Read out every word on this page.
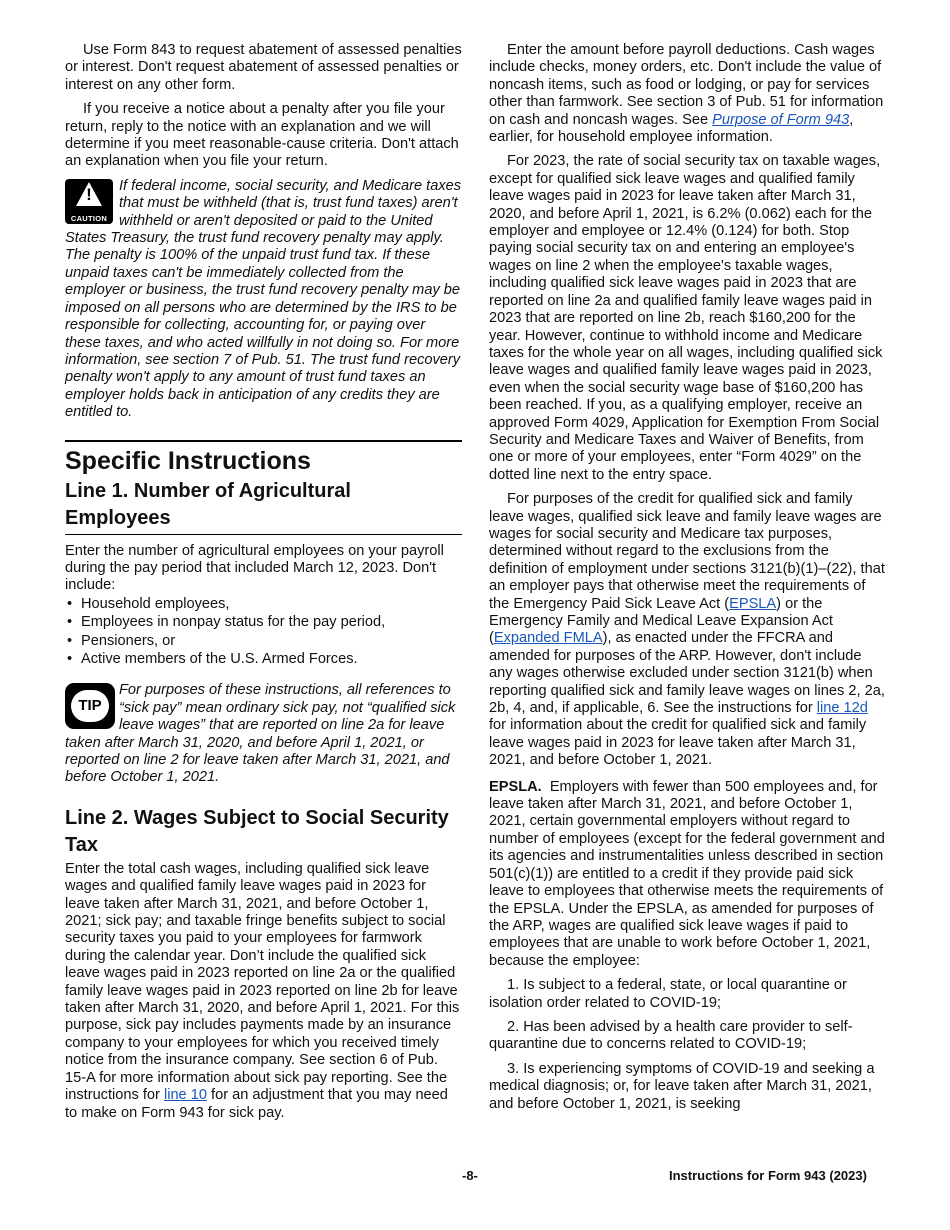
Use Form 843 to request abatement of assessed penalties or interest. Don't request abatement of assessed penalties or interest on any other form.

If you receive a notice about a penalty after you file your return, reply to the notice with an explanation and we will determine if you meet reasonable-cause criteria. Don't attach an explanation when you file your return.

!
CAUTION
If federal income, social security, and Medicare taxes that must be withheld (that is, trust fund taxes) aren't withheld or aren't deposited or paid to the United States Treasury, the trust fund recovery penalty may apply. The penalty is 100% of the unpaid trust fund tax. If these unpaid taxes can't be immediately collected from the employer or business, the trust fund recovery penalty may be imposed on all persons who are determined by the IRS to be responsible for collecting, accounting for, or paying over these taxes, and who acted willfully in not doing so. For more information, see section 7 of Pub. 51. The trust fund recovery penalty won't apply to any amount of trust fund taxes an employer holds back in anticipation of any credits they are entitled to.
Specific Instructions
Line 1. Number of Agricultural Employees

Enter the number of agricultural employees on your payroll during the pay period that included March 12, 2023. Don't include:

• Household employees,
• Employees in nonpay status for the pay period,
• Pensioners, or
• Active members of the U.S. Armed Forces.
TIP
For purposes of these instructions, all references to “sick pay” mean ordinary sick pay, not “qualified sick leave wages” that are reported on line 2a for leave taken after March 31, 2020, and before April 1, 2021, or reported on line 2 for leave taken after March 31, 2021, and before October 1, 2021.
Line 2. Wages Subject to Social Security Tax

Enter the total cash wages, including qualified sick leave wages and qualified family leave wages paid in 2023 for leave taken after March 31, 2021, and before October 1, 2021; sick pay; and taxable fringe benefits subject to social security taxes you paid to your employees for farmwork during the calendar year. Don’t include the qualified sick leave wages paid in 2023 reported on line 2a or the qualified family leave wages paid in 2023 reported on line 2b for leave taken after March 31, 2020, and before April 1, 2021. For this purpose, sick pay includes payments made by an insurance company to your employees for which you received timely notice from the insurance company. See section 6 of Pub. 15-A for more information about sick pay reporting. See the instructions for line 10 for an adjustment that you may need to make on Form 943 for sick pay.

Enter the amount before payroll deductions. Cash wages include checks, money orders, etc. Don't include the value of noncash items, such as food or lodging, or pay for services other than farmwork. See section 3 of Pub. 51 for information on cash and noncash wages. See Purpose of Form 943, earlier, for household employee information.

For 2023, the rate of social security tax on taxable wages, except for qualified sick leave wages and qualified family leave wages paid in 2023 for leave taken after March 31, 2020, and before April 1, 2021, is 6.2% (0.062) each for the employer and employee or 12.4% (0.124) for both. Stop paying social security tax on and entering an employee's wages on line 2 when the employee's taxable wages, including qualified sick leave wages paid in 2023 that are reported on line 2a and qualified family leave wages paid in 2023 that are reported on line 2b, reach $160,200 for the year. However, continue to withhold income and Medicare taxes for the whole year on all wages, including qualified sick leave wages and qualified family leave wages paid in 2023, even when the social security wage base of $160,200 has been reached. If you, as a qualifying employer, receive an approved Form 4029, Application for Exemption From Social Security and Medicare Taxes and Waiver of Benefits, from one or more of your employees, enter “Form 4029” on the dotted line next to the entry space.

For purposes of the credit for qualified sick and family leave wages, qualified sick leave and family leave wages are wages for social security and Medicare tax purposes, determined without regard to the exclusions from the definition of employment under sections 3121(b)(1)–(22), that an employer pays that otherwise meet the requirements of the Emergency Paid Sick Leave Act (EPSLA) or the Emergency Family and Medical Leave Expansion Act (Expanded FMLA), as enacted under the FFCRA and amended for purposes of the ARP. However, don't include any wages otherwise excluded under section 3121(b) when reporting qualified sick and family leave wages on lines 2, 2a, 2b, 4, and, if applicable, 6. See the instructions for line 12d for information about the credit for qualified sick and family leave wages paid in 2023 for leave taken after March 31, 2021, and before October 1, 2021.

EPSLA. Employers with fewer than 500 employees and, for leave taken after March 31, 2021, and before October 1, 2021, certain governmental employers without regard to number of employees (except for the federal government and its agencies and instrumentalities unless described in section 501(c)(1)) are entitled to a credit if they provide paid sick leave to employees that otherwise meets the requirements of the EPSLA. Under the EPSLA, as amended for purposes of the ARP, wages are qualified sick leave wages if paid to employees that are unable to work before October 1, 2021, because the employee:

1. Is subject to a federal, state, or local quarantine or isolation order related to COVID-19;

2. Has been advised by a health care provider to self-quarantine due to concerns related to COVID-19;

3. Is experiencing symptoms of COVID-19 and seeking a medical diagnosis; or, for leave taken after March 31, 2021, and before October 1, 2021, is seeking

-8-	Instructions for Form 943 (2023)
